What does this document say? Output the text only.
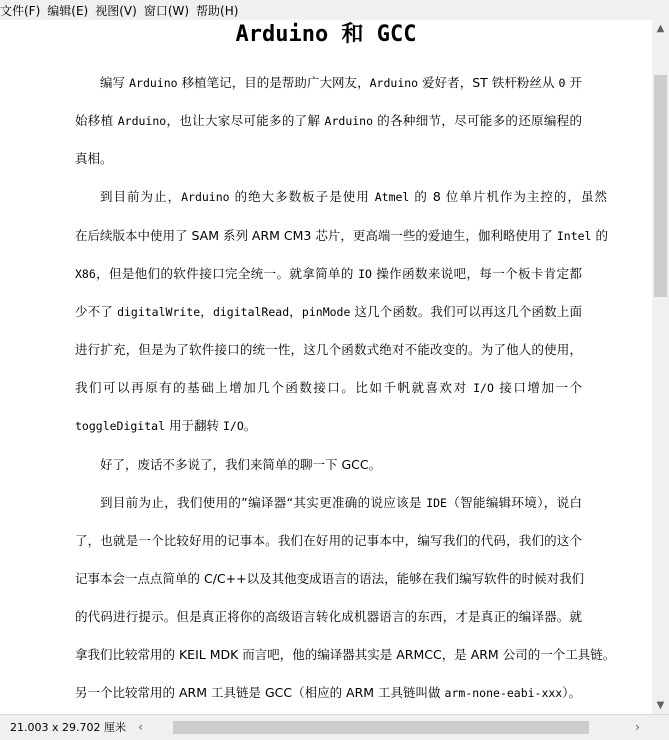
文件(F) 编辑(E) 视图(V) 窗口(W) 帮助(H)
Arduino 和 GCC
编写 Arduino 移植笔记，目的是帮助广大网友，Arduino 爱好者，ST 铁杆粉丝从 0 开
始移植 Arduino，也让大家尽可能多的了解 Arduino 的各种细节，尽可能多的还原编程的
真相。
到目前为止，Arduino 的绝大多数板子是使用 Atmel 的 8 位单片机作为主控的，虽然
在后续版本中使用了 SAM 系列 ARM CM3 芯片，更高端一些的爱迪生，伽利略使用了 Intel 的
X86，但是他们的软件接口完全统一。就拿简单的 IO 操作函数来说吧，每一个板卡肯定都
少不了 digitalWrite，digitalRead，pinMode 这几个函数。我们可以再这几个函数上面
进行扩充，但是为了软件接口的统一性，这几个函数式绝对不能改变的。为了他人的使用，
我们可以再原有的基础上增加几个函数接口。比如千帆就喜欢对 I/O 接口增加一个
toggleDigital 用于翻转 I/O。
好了，废话不多说了，我们来简单的聊一下 GCC。
到目前为止，我们使用的”编译器“其实更准确的说应该是 IDE（智能编辑环境），说白
了，也就是一个比较好用的记事本。我们在好用的记事本中，编写我们的代码，我们的这个
记事本会一点点简单的 C/C++以及其他变成语言的语法，能够在我们编写软件的时候对我们
的代码进行提示。但是真正将你的高级语言转化成机器语言的东西，才是真正的编译器。就
拿我们比较常用的 KEIL MDK 而言吧，他的编译器其实是 ARMCC，是 ARM 公司的一个工具链。
另一个比较常用的 ARM 工具链是 GCC（相应的 ARM 工具链叫做 arm-none-eabi-xxx）。
▲
▼
21.003 x 29.702 厘米	‹	›
